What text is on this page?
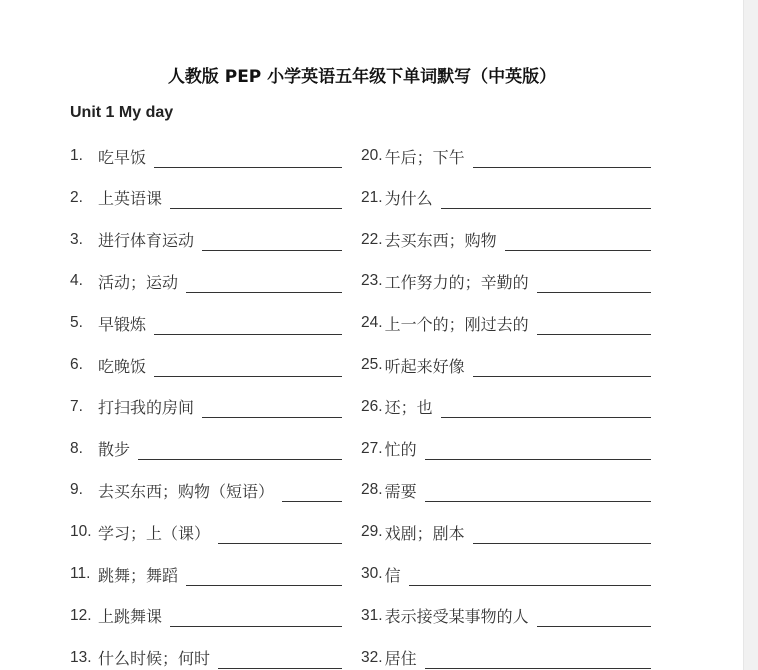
人教版 PEP 小学英语五年级下单词默写（中英版）
Unit 1 My day
1. 吃早饭	20. 午后；下午
2. 上英语课	21. 为什么
3. 进行体育运动	22. 去买东西；购物
4. 活动；运动	23. 工作努力的；辛勤的
5. 早锻炼	24. 上一个的；刚过去的
6. 吃晚饭	25. 听起来好像
7. 打扫我的房间	26. 还；也
8. 散步	27. 忙的
9. 去买东西；购物（短语）	28. 需要
10. 学习；上（课）	29. 戏剧；剧本
11. 跳舞；舞蹈	30. 信
12. 上跳舞课	31. 表示接受某事物的人
13. 什么时候；何时	32. 居住
